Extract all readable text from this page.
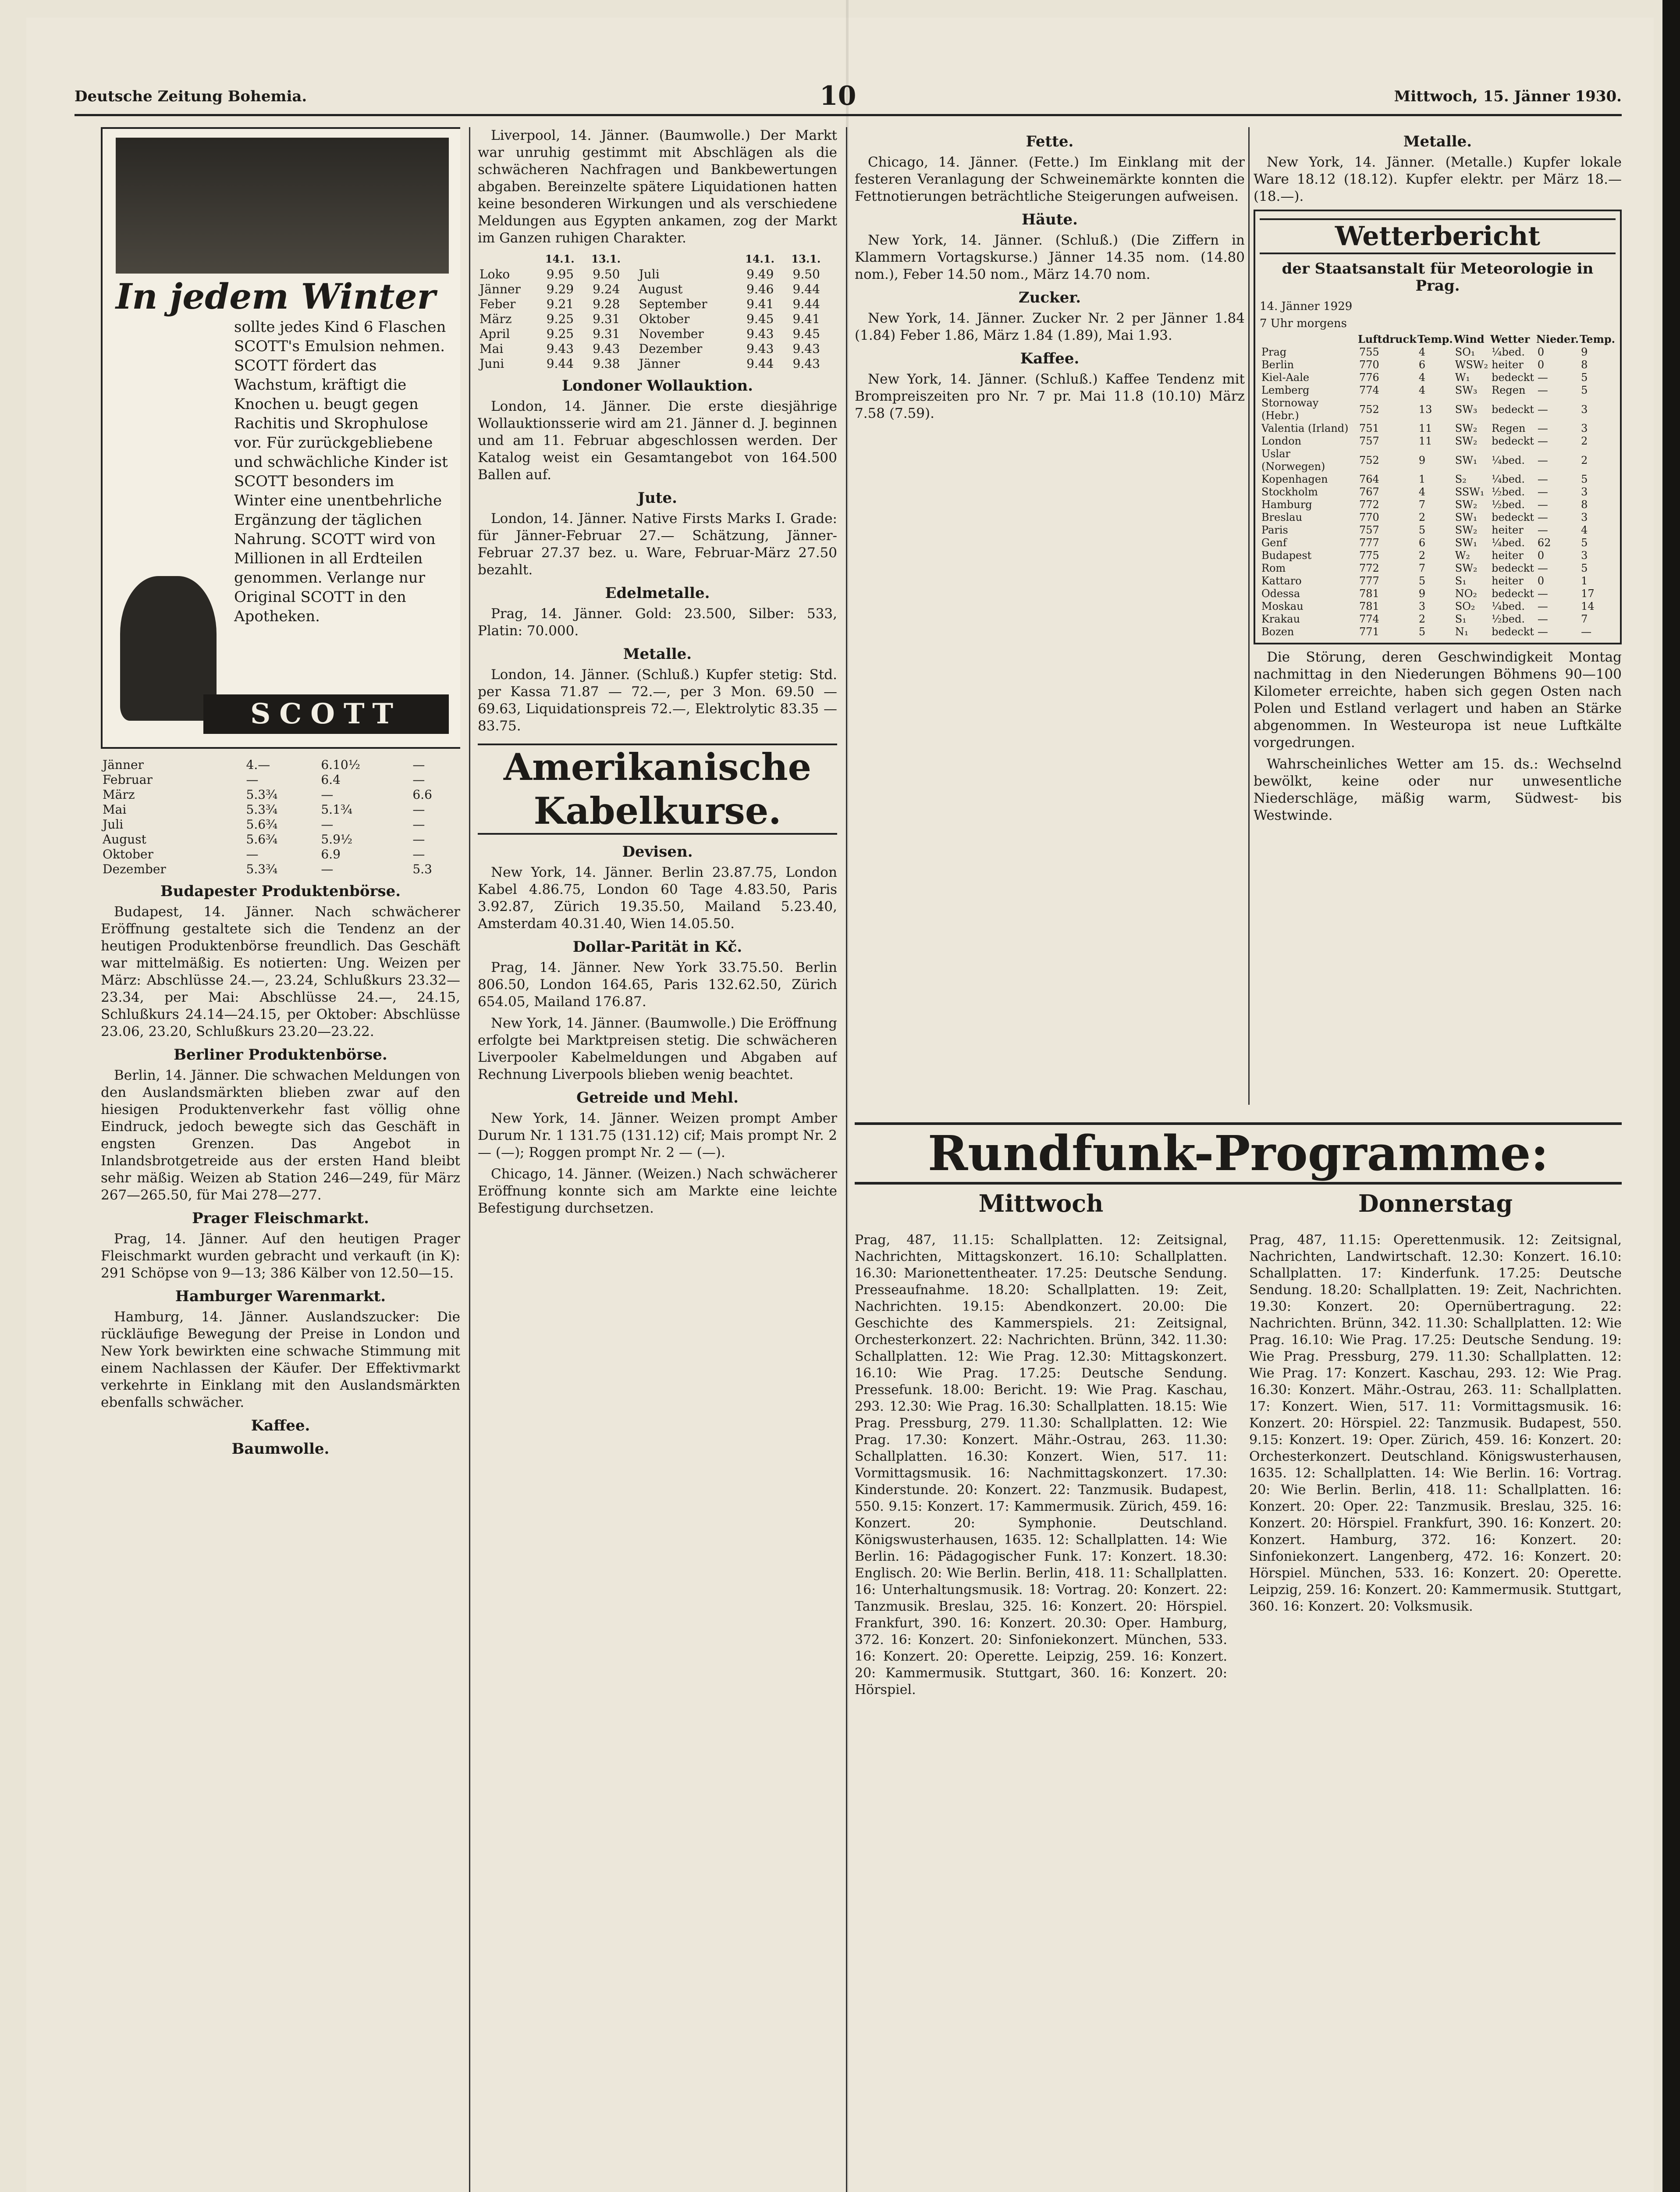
Deutsche Zeitung Bohemia.	10	Mittwoch, 15. Jänner 1930.
In jedem Winter
sollte jedes Kind 6 Flaschen SCOTT's Emulsion nehmen. SCOTT fördert das Wachstum, kräftigt die Knochen u. beugt gegen Rachitis und Skrophulose vor. Für zurückgebliebene und schwächliche Kinder ist SCOTT besonders im Winter eine unentbehrliche Ergänzung der täglichen Nahrung. SCOTT wird von Millionen in all Erdteilen genommen. Verlange nur Original SCOTT in den Apotheken.
SCOTT
Jänner	4.—	6.10½	—
Februar	—	6.4	—
März	5.3¾	—	6.6
Mai	5.3¾	5.1¾	—
Juli	5.6¾	—	—
August	5.6¾	5.9½	—
Oktober	—	6.9	—
Dezember	5.3¾	—	5.3
Budapester Produktenbörse.

Budapest, 14. Jänner. Nach schwächerer Eröffnung gestaltete sich die Tendenz an der heutigen Produktenbörse freundlich. Das Geschäft war mittelmäßig. Es notierten: Ung. Weizen per März: Abschlüsse 24.—, 23.24, Schlußkurs 23.32—23.34, per Mai: Abschlüsse 24.—, 24.15, Schlußkurs 24.14—24.15, per Oktober: Abschlüsse 23.06, 23.20, Schlußkurs 23.20—23.22.

Berliner Produktenbörse.

Berlin, 14. Jänner. Die schwachen Meldungen von den Auslandsmärkten blieben zwar auf den hiesigen Produktenverkehr fast völlig ohne Eindruck, jedoch bewegte sich das Geschäft in engsten Grenzen. Das Angebot in Inlandsbrotgetreide aus der ersten Hand bleibt sehr mäßig. Weizen ab Station 246—249, für März 267—265.50, für Mai 278—277.

Prager Fleischmarkt.

Prag, 14. Jänner. Auf den heutigen Prager Fleischmarkt wurden gebracht und verkauft (in K): 291 Schöpse von 9—13; 386 Kälber von 12.50—15.

Hamburger Warenmarkt.

Hamburg, 14. Jänner. Auslandszucker: Die rückläufige Bewegung der Preise in London und New York bewirkten eine schwache Stimmung mit einem Nachlassen der Käufer. Der Effektivmarkt verkehrte in Einklang mit den Auslandsmärkten ebenfalls schwächer.

Kaffee.
Baumwolle.

Liverpool, 14. Jänner. (Baumwolle.) Der Markt war unruhig gestimmt mit Abschlägen als die schwächeren Nachfragen und Bankbewertungen abgaben. Bereinzelte spätere Liquidationen hatten keine besonderen Wirkungen und als verschiedene Meldungen aus Egypten ankamen, zog der Markt im Ganzen ruhigen Charakter.

	14.1.	13.1.		14.1.	13.1.
Loko	9.95	9.50	Juli	9.49	9.50
Jänner	9.29	9.24	August	9.46	9.44
Feber	9.21	9.28	September	9.41	9.44
März	9.25	9.31	Oktober	9.45	9.41
April	9.25	9.31	November	9.43	9.45
Mai	9.43	9.43	Dezember	9.43	9.43
Juni	9.44	9.38	Jänner	9.44	9.43
Londoner Wollauktion.

London, 14. Jänner. Die erste diesjährige Wollauktionsserie wird am 21. Jänner d. J. beginnen und am 11. Februar abgeschlossen werden. Der Katalog weist ein Gesamtangebot von 164.500 Ballen auf.

Jute.

London, 14. Jänner. Native Firsts Marks I. Grade: für Jänner-Februar 27.— Schätzung, Jänner-Februar 27.37 bez. u. Ware, Februar-März 27.50 bezahlt.

Edelmetalle.

Prag, 14. Jänner. Gold: 23.500, Silber: 533, Platin: 70.000.

Metalle.

London, 14. Jänner. (Schluß.) Kupfer stetig: Std. per Kassa 71.87 — 72.—, per 3 Mon. 69.50 — 69.63, Liquidationspreis 72.—, Elektrolytic 83.35 — 83.75.

Amerikanische Kabelkurse.
Devisen.

New York, 14. Jänner. Berlin 23.87.75, London Kabel 4.86.75, London 60 Tage 4.83.50, Paris 3.92.87, Zürich 19.35.50, Mailand 5.23.40, Amsterdam 40.31.40, Wien 14.05.50.

Dollar-Parität in Kč.

Prag, 14. Jänner. New York 33.75.50. Berlin 806.50, London 164.65, Paris 132.62.50, Zürich 654.05, Mailand 176.87.

New York, 14. Jänner. (Baumwolle.) Die Eröffnung erfolgte bei Marktpreisen stetig. Die schwächeren Liverpooler Kabelmeldungen und Abgaben auf Rechnung Liverpools blieben wenig beachtet.

Getreide und Mehl.

New York, 14. Jänner. Weizen prompt Amber Durum Nr. 1 131.75 (131.12) cif; Mais prompt Nr. 2 — (—); Roggen prompt Nr. 2 — (—).

Chicago, 14. Jänner. (Weizen.) Nach schwächerer Eröffnung konnte sich am Markte eine leichte Befestigung durchsetzen.

Fette.

Chicago, 14. Jänner. (Fette.) Im Einklang mit der festeren Veranlagung der Schweinemärkte konnten die Fettnotierungen beträchtliche Steigerungen aufweisen.

Häute.

New York, 14. Jänner. (Schluß.) (Die Ziffern in Klammern Vortagskurse.) Jänner 14.35 nom. (14.80 nom.), Feber 14.50 nom., März 14.70 nom.

Zucker.

New York, 14. Jänner. Zucker Nr. 2 per Jänner 1.84 (1.84) Feber 1.86, März 1.84 (1.89), Mai 1.93.

Kaffee.

New York, 14. Jänner. (Schluß.) Kaffee Tendenz mit Brompreiszeiten pro Nr. 7 pr. Mai 11.8 (10.10) März 7.58 (7.59).

Metalle.

New York, 14. Jänner. (Metalle.) Kupfer lokale Ware 18.12 (18.12). Kupfer elektr. per März 18.— (18.—).

Wetterbericht
der Staatsanstalt für Meteorologie in Prag.
14. Jänner 1929
7 Uhr morgens
	Luftdruck	Temp.	Wind	Wetter	Nieder.	Temp.
Prag	755	4	SO₁	¼bed.	0	9
Berlin	770	6	WSW₂	heiter	0	8
Kiel-Aale	776	4	W₁	bedeckt	—	5
Lemberg	774	4	SW₃	Regen	—	5
Stornoway (Hebr.)	752	13	SW₃	bedeckt	—	3
Valentia (Irland)	751	11	SW₂	Regen	—	3
London	757	11	SW₂	bedeckt	—	2
Uslar (Norwegen)	752	9	SW₁	¼bed.	—	2
Kopenhagen	764	1	S₂	¼bed.	—	5
Stockholm	767	4	SSW₁	½bed.	—	3
Hamburg	772	7	SW₂	½bed.	—	8
Breslau	770	2	SW₁	bedeckt	—	3
Paris	757	5	SW₂	heiter	—	4
Genf	777	6	SW₁	¼bed.	62	5
Budapest	775	2	W₂	heiter	0	3
Rom	772	7	SW₂	bedeckt	—	5
Kattaro	777	5	S₁	heiter	0	1
Odessa	781	9	NO₂	bedeckt	—	17
Moskau	781	3	SO₂	¼bed.	—	14
Krakau	774	2	S₁	½bed.	—	7
Bozen	771	5	N₁	bedeckt	—	—

Die Störung, deren Geschwindigkeit Montag nachmittag in den Niederungen Böhmens 90—100 Kilometer erreichte, haben sich gegen Osten nach Polen und Estland verlagert und haben an Stärke abgenommen. In Westeuropa ist neue Luftkälte vorgedrungen.

Wahrscheinliches Wetter am 15. ds.: Wechselnd bewölkt, keine oder nur unwesentliche Niederschläge, mäßig warm, Südwest- bis Westwinde.

Rundfunk-Programme:
Mittwoch

Prag, 487, 11.15: Schallplatten. 12: Zeitsignal, Nachrichten, Mittagskonzert. 16.10: Schallplatten. 16.30: Marionettentheater. 17.25: Deutsche Sendung. Presseaufnahme. 18.20: Schallplatten. 19: Zeit, Nachrichten. 19.15: Abendkonzert. 20.00: Die Geschichte des Kammerspiels. 21: Zeitsignal, Orchesterkonzert. 22: Nachrichten. Brünn, 342. 11.30: Schallplatten. 12: Wie Prag. 12.30: Mittagskonzert. 16.10: Wie Prag. 17.25: Deutsche Sendung. Pressefunk. 18.00: Bericht. 19: Wie Prag. Kaschau, 293. 12.30: Wie Prag. 16.30: Schallplatten. 18.15: Wie Prag. Pressburg, 279. 11.30: Schallplatten. 12: Wie Prag. 17.30: Konzert. Mähr.-Ostrau, 263. 11.30: Schallplatten. 16.30: Konzert. Wien, 517. 11: Vormittagsmusik. 16: Nachmittagskonzert. 17.30: Kinderstunde. 20: Konzert. 22: Tanzmusik. Budapest, 550. 9.15: Konzert. 17: Kammermusik. Zürich, 459. 16: Konzert. 20: Symphonie. Deutschland. Königswusterhausen, 1635. 12: Schallplatten. 14: Wie Berlin. 16: Pädagogischer Funk. 17: Konzert. 18.30: Englisch. 20: Wie Berlin. Berlin, 418. 11: Schallplatten. 16: Unterhaltungsmusik. 18: Vortrag. 20: Konzert. 22: Tanzmusik. Breslau, 325. 16: Konzert. 20: Hörspiel. Frankfurt, 390. 16: Konzert. 20.30: Oper. Hamburg, 372. 16: Konzert. 20: Sinfoniekonzert. München, 533. 16: Konzert. 20: Operette. Leipzig, 259. 16: Konzert. 20: Kammermusik. Stuttgart, 360. 16: Konzert. 20: Hörspiel.

Donnerstag

Prag, 487, 11.15: Operettenmusik. 12: Zeitsignal, Nachrichten, Landwirtschaft. 12.30: Konzert. 16.10: Schallplatten. 17: Kinderfunk. 17.25: Deutsche Sendung. 18.20: Schallplatten. 19: Zeit, Nachrichten. 19.30: Konzert. 20: Opernübertragung. 22: Nachrichten. Brünn, 342. 11.30: Schallplatten. 12: Wie Prag. 16.10: Wie Prag. 17.25: Deutsche Sendung. 19: Wie Prag. Pressburg, 279. 11.30: Schallplatten. 12: Wie Prag. 17: Konzert. Kaschau, 293. 12: Wie Prag. 16.30: Konzert. Mähr.-Ostrau, 263. 11: Schallplatten. 17: Konzert. Wien, 517. 11: Vormittagsmusik. 16: Konzert. 20: Hörspiel. 22: Tanzmusik. Budapest, 550. 9.15: Konzert. 19: Oper. Zürich, 459. 16: Konzert. 20: Orchesterkonzert. Deutschland. Königswusterhausen, 1635. 12: Schallplatten. 14: Wie Berlin. 16: Vortrag. 20: Wie Berlin. Berlin, 418. 11: Schallplatten. 16: Konzert. 20: Oper. 22: Tanzmusik. Breslau, 325. 16: Konzert. 20: Hörspiel. Frankfurt, 390. 16: Konzert. 20: Konzert. Hamburg, 372. 16: Konzert. 20: Sinfoniekonzert. Langenberg, 472. 16: Konzert. 20: Hörspiel. München, 533. 16: Konzert. 20: Operette. Leipzig, 259. 16: Konzert. 20: Kammermusik. Stuttgart, 360. 16: Konzert. 20: Volksmusik.
